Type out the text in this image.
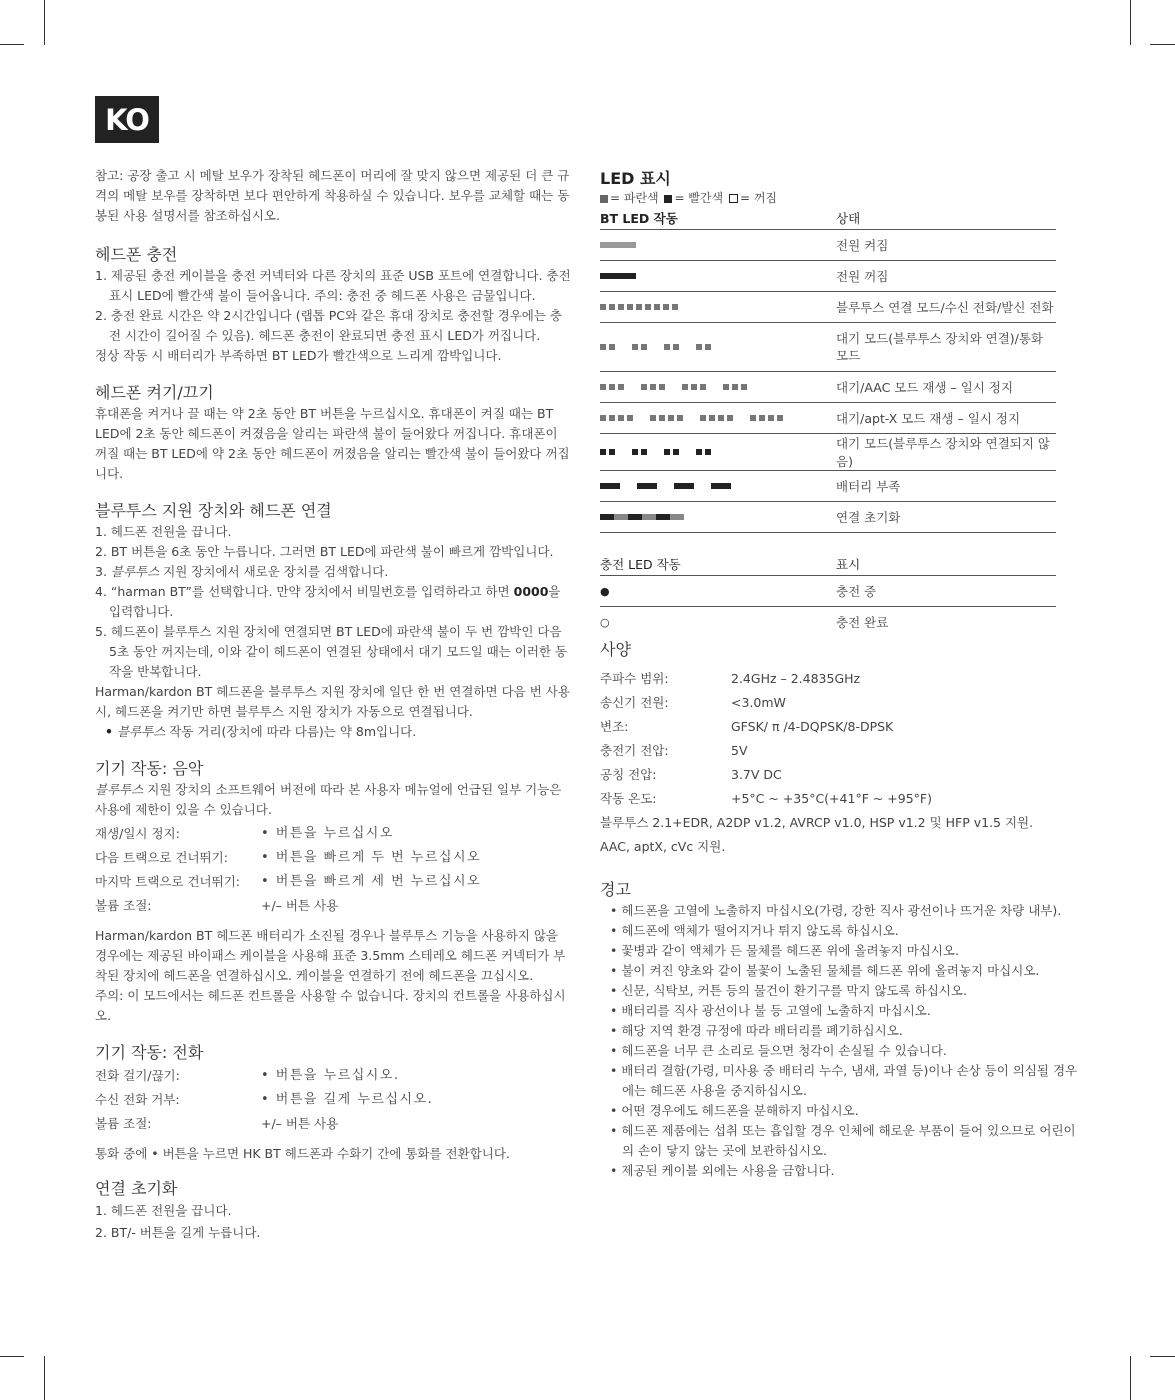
KO

참고: 공장 출고 시 메탈 보우가 장착된 헤드폰이 머리에 잘 맞지 않으면 제공된 더 큰 규격의 메탈 보우를 장착하면 보다 편안하게 착용하실 수 있습니다. 보우를 교체할 때는 동봉된 사용 설명서를 참조하십시오.

헤드폰 충전

1. 제공된 충전 케이블을 충전 커넥터와 다른 장치의 표준 USB 포트에 연결합니다. 충전 표시 LED에 빨간색 불이 들어옵니다. 주의: 충전 중 헤드폰 사용은 금물입니다.

2. 충전 완료 시간은 약 2시간입니다 (랩톱 PC와 같은 휴대 장치로 충전할 경우에는 충전 시간이 길어질 수 있음). 헤드폰 충전이 완료되면 충전 표시 LED가 꺼집니다.

정상 작동 시 배터리가 부족하면 BT LED가 빨간색으로 느리게 깜박입니다.

헤드폰 켜기/끄기

휴대폰을 켜거나 끌 때는 약 2초 동안 BT 버튼을 누르십시오. 휴대폰이 켜질 때는 BT LED에 2초 동안 헤드폰이 켜졌음을 알리는 파란색 불이 들어왔다 꺼집니다. 휴대폰이 꺼질 때는 BT LED에 약 2초 동안 헤드폰이 꺼졌음을 알리는 빨간색 불이 들어왔다 꺼집니다.

블루투스 지원 장치와 헤드폰 연결

1. 헤드폰 전원을 끕니다.

2. BT 버튼을 6초 동안 누릅니다. 그러면 BT LED에 파란색 불이 빠르게 깜박입니다.

3. 블루투스 지원 장치에서 새로운 장치를 검색합니다.

4. “harman BT”를 선택합니다. 만약 장치에서 비밀번호를 입력하라고 하면 0000을 입력합니다.

5. 헤드폰이 블루투스 지원 장치에 연결되면 BT LED에 파란색 불이 두 번 깜박인 다음 5초 동안 꺼지는데, 이와 같이 헤드폰이 연결된 상태에서 대기 모드일 때는 이러한 동작을 반복합니다.

Harman/kardon BT 헤드폰을 블루투스 지원 장치에 일단 한 번 연결하면 다음 번 사용 시, 헤드폰을 켜기만 하면 블루투스 지원 장치가 자동으로 연결됩니다.

• 블루투스 작동 거리(장치에 따라 다름)는 약 8m입니다.

기기 작동: 음악

블루투스 지원 장치의 소프트웨어 버전에 따라 본 사용자 메뉴얼에 언급된 일부 기능은 사용에 제한이 있을 수 있습니다.

재생/일시 정지:	• 버튼을 누르십시오
다음 트랙으로 건너뛰기:	• 버튼을 빠르게 두 번 누르십시오
마지막 트랙으로 건너뛰기:	• 버튼을 빠르게 세 번 누르십시오
볼륨 조절:	+/– 버튼 사용

Harman/kardon BT 헤드폰 배터리가 소진될 경우나 블루투스 기능을 사용하지 않을 경우에는 제공된 바이패스 케이블을 사용해 표준 3.5mm 스테레오 헤드폰 커넥터가 부착된 장치에 헤드폰을 연결하십시오. 케이블을 연결하기 전에 헤드폰을 끄십시오.

주의: 이 모드에서는 헤드폰 컨트롤을 사용할 수 없습니다. 장치의 컨트롤을 사용하십시오.

기기 작동: 전화
전화 걸기/끊기:	• 버튼을 누르십시오.
수신 전화 거부:	• 버튼을 길게 누르십시오.
볼륨 조절:	+/– 버튼 사용

통화 중에 • 버튼을 누르면 HK BT 헤드폰과 수화기 간에 통화를 전환합니다.

연결 초기화

1. 헤드폰 전원을 끕니다.

2. BT/- 버튼을 길게 누릅니다.

LED 표시
= 파란색 = 빨간색 = 꺼짐
BT LED 작동	상태

	전원 켜짐

	전원 꺼짐

	블루투스 연결 모드/수신 전화/발신 전화

	대기 모드(블루투스 장치와 연결)/통화 모드

	대기/AAC 모드 재생 – 일시 정지

	대기/apt-X 모드 재생 – 일시 정지

	대기 모드(블루투스 장치와 연결되지 않음)

	배터리 부족

	연결 초기화
충전 LED 작동	표시
●	충전 중
○	충전 완료
사양
주파수 범위:	2.4GHz – 2.4835GHz
송신기 전원:	<3.0mW
변조:	GFSK/ π /4-DQPSK/8-DPSK
충전기 전압:	5V
공칭 전압:	3.7V DC
작동 온도:	+5°C ~ +35°C(+41°F ~ +95°F)

블루투스 2.1+EDR, A2DP v1.2, AVRCP v1.0, HSP v1.2 및 HFP v1.5 지원.

AAC, aptX, cVc 지원.

경고

• 헤드폰을 고열에 노출하지 마십시오(가령, 강한 직사 광선이나 뜨거운 차량 내부).

• 헤드폰에 액체가 떨어지거나 튀지 않도록 하십시오.

• 꽃병과 같이 액체가 든 물체를 헤드폰 위에 올려놓지 마십시오.

• 불이 켜진 양초와 같이 불꽃이 노출된 물체를 헤드폰 위에 올려놓지 마십시오.

• 신문, 식탁보, 커튼 등의 물건이 환기구를 막지 않도록 하십시오.

• 배터리를 직사 광선이나 불 등 고열에 노출하지 마십시오.

• 해당 지역 환경 규정에 따라 배터리를 폐기하십시오.

• 헤드폰을 너무 큰 소리로 들으면 청각이 손실될 수 있습니다.

• 배터리 결함(가령, 미사용 중 배터리 누수, 냄새, 과열 등)이나 손상 등이 의심될 경우에는 헤드폰 사용을 중지하십시오.

• 어떤 경우에도 헤드폰을 분해하지 마십시오.

• 헤드폰 제품에는 섭취 또는 흡입할 경우 인체에 해로운 부품이 들어 있으므로 어린이의 손이 닿지 않는 곳에 보관하십시오.

• 제공된 케이블 외에는 사용을 금합니다.
